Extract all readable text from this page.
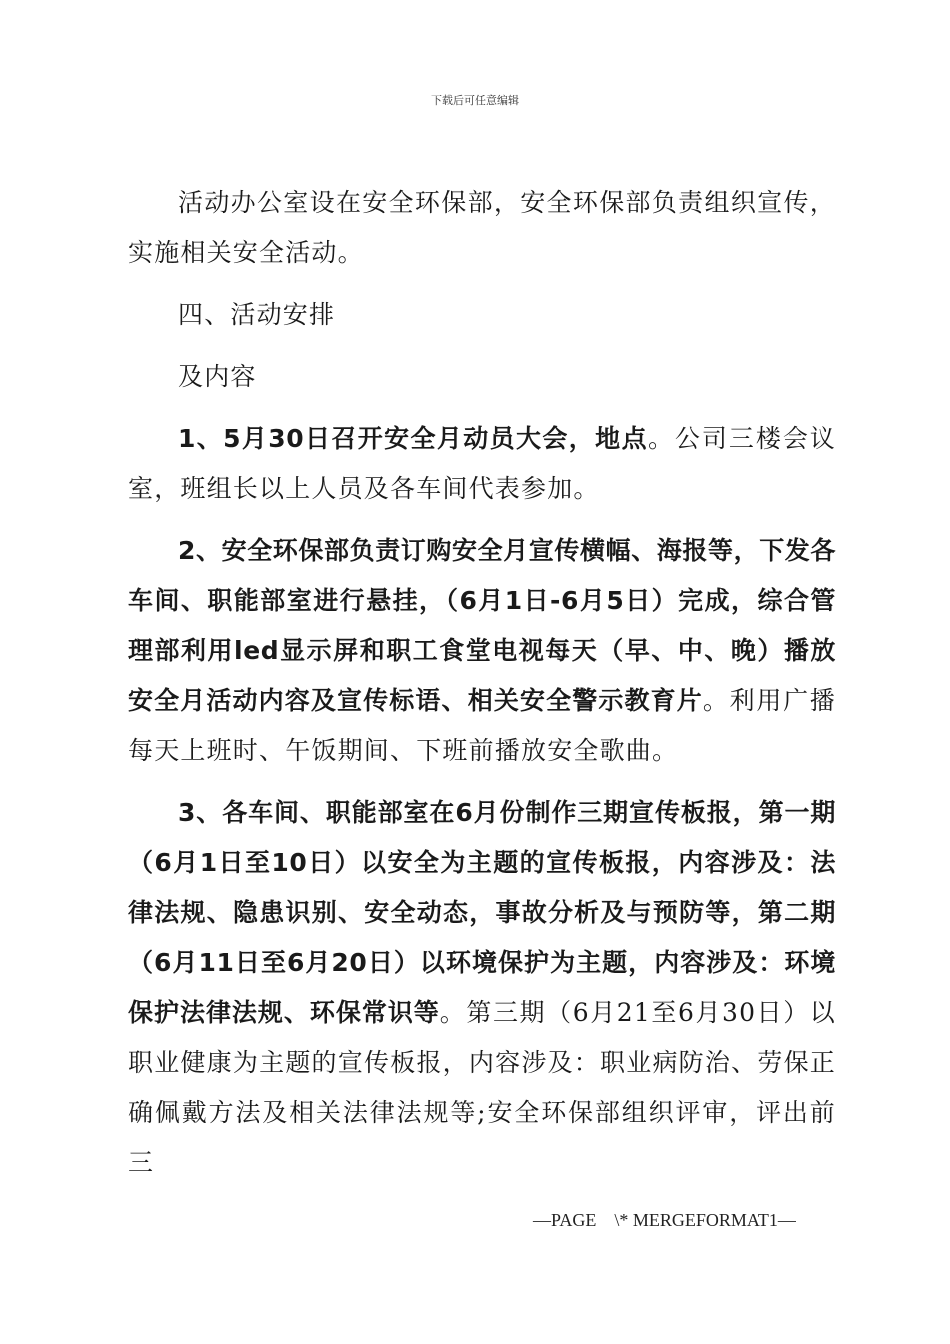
下载后可任意编辑

活动办公室设在安全环保部，安全环保部负责组织宣传，实施相关安全活动。

四、活动安排

及内容

1、5月30日召开安全月动员大会，地点。公司三楼会议室，班组长以上人员及各车间代表参加。

2、安全环保部负责订购安全月宣传横幅、海报等，下发各车间、职能部室进行悬挂，（6月1日-6月5日）完成，综合管理部利用led显示屏和职工食堂电视每天（早、中、晚）播放安全月活动内容及宣传标语、相关安全警示教育片。利用广播每天上班时、午饭期间、下班前播放安全歌曲。

3、各车间、职能部室在6月份制作三期宣传板报，第一期（6月1日至10日）以安全为主题的宣传板报，内容涉及：法律法规、隐患识别、安全动态，事故分析及与预防等，第二期（6月11日至6月20日）以环境保护为主题，内容涉及：环境保护法律法规、环保常识等。第三期（6月21至6月30日）以职业健康为主题的宣传板报，内容涉及：职业病防治、劳保正确佩戴方法及相关法律法规等;安全环保部组织评审，评出前三

—PAGE    \* MERGEFORMAT1—
